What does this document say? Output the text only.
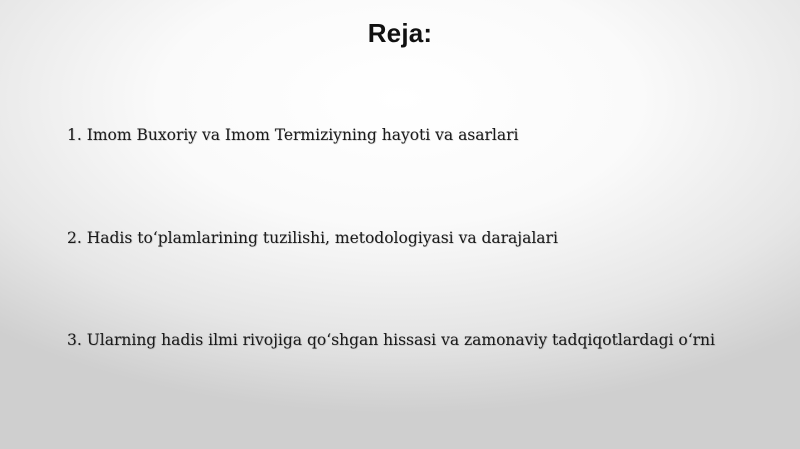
Reja:
1. Imom Buxoriy va Imom Termiziyning hayoti va asarlari
2. Hadis to‘plamlarining tuzilishi, metodologiyasi va darajalari
3. Ularning hadis ilmi rivojiga qo‘shgan hissasi va zamonaviy tadqiqotlardagi o‘rni
